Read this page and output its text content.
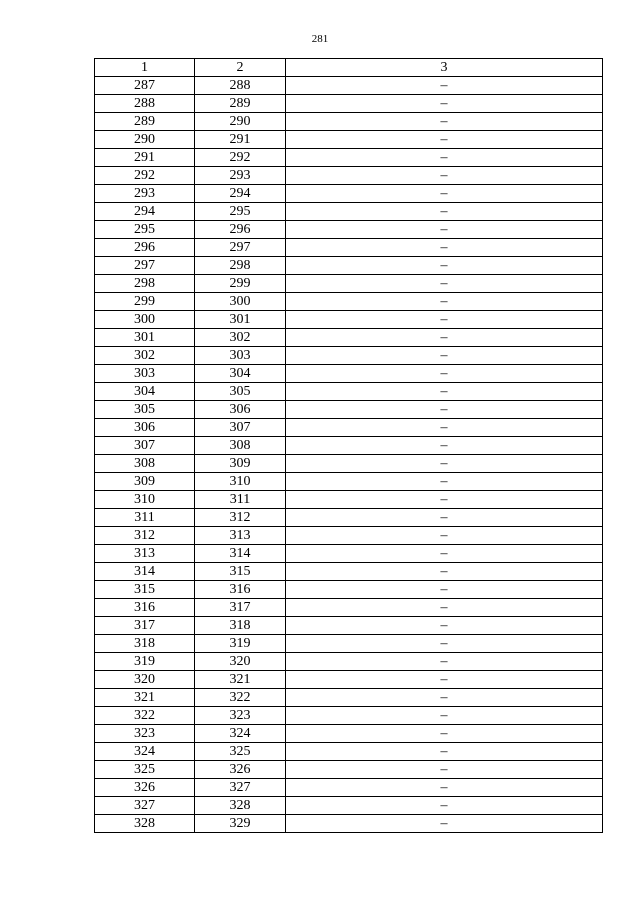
281
1	2	3
287	288	–
288	289	–
289	290	–
290	291	–
291	292	–
292	293	–
293	294	–
294	295	–
295	296	–
296	297	–
297	298	–
298	299	–
299	300	–
300	301	–
301	302	–
302	303	–
303	304	–
304	305	–
305	306	–
306	307	–
307	308	–
308	309	–
309	310	–
310	311	–
311	312	–
312	313	–
313	314	–
314	315	–
315	316	–
316	317	–
317	318	–
318	319	–
319	320	–
320	321	–
321	322	–
322	323	–
323	324	–
324	325	–
325	326	–
326	327	–
327	328	–
328	329	–
